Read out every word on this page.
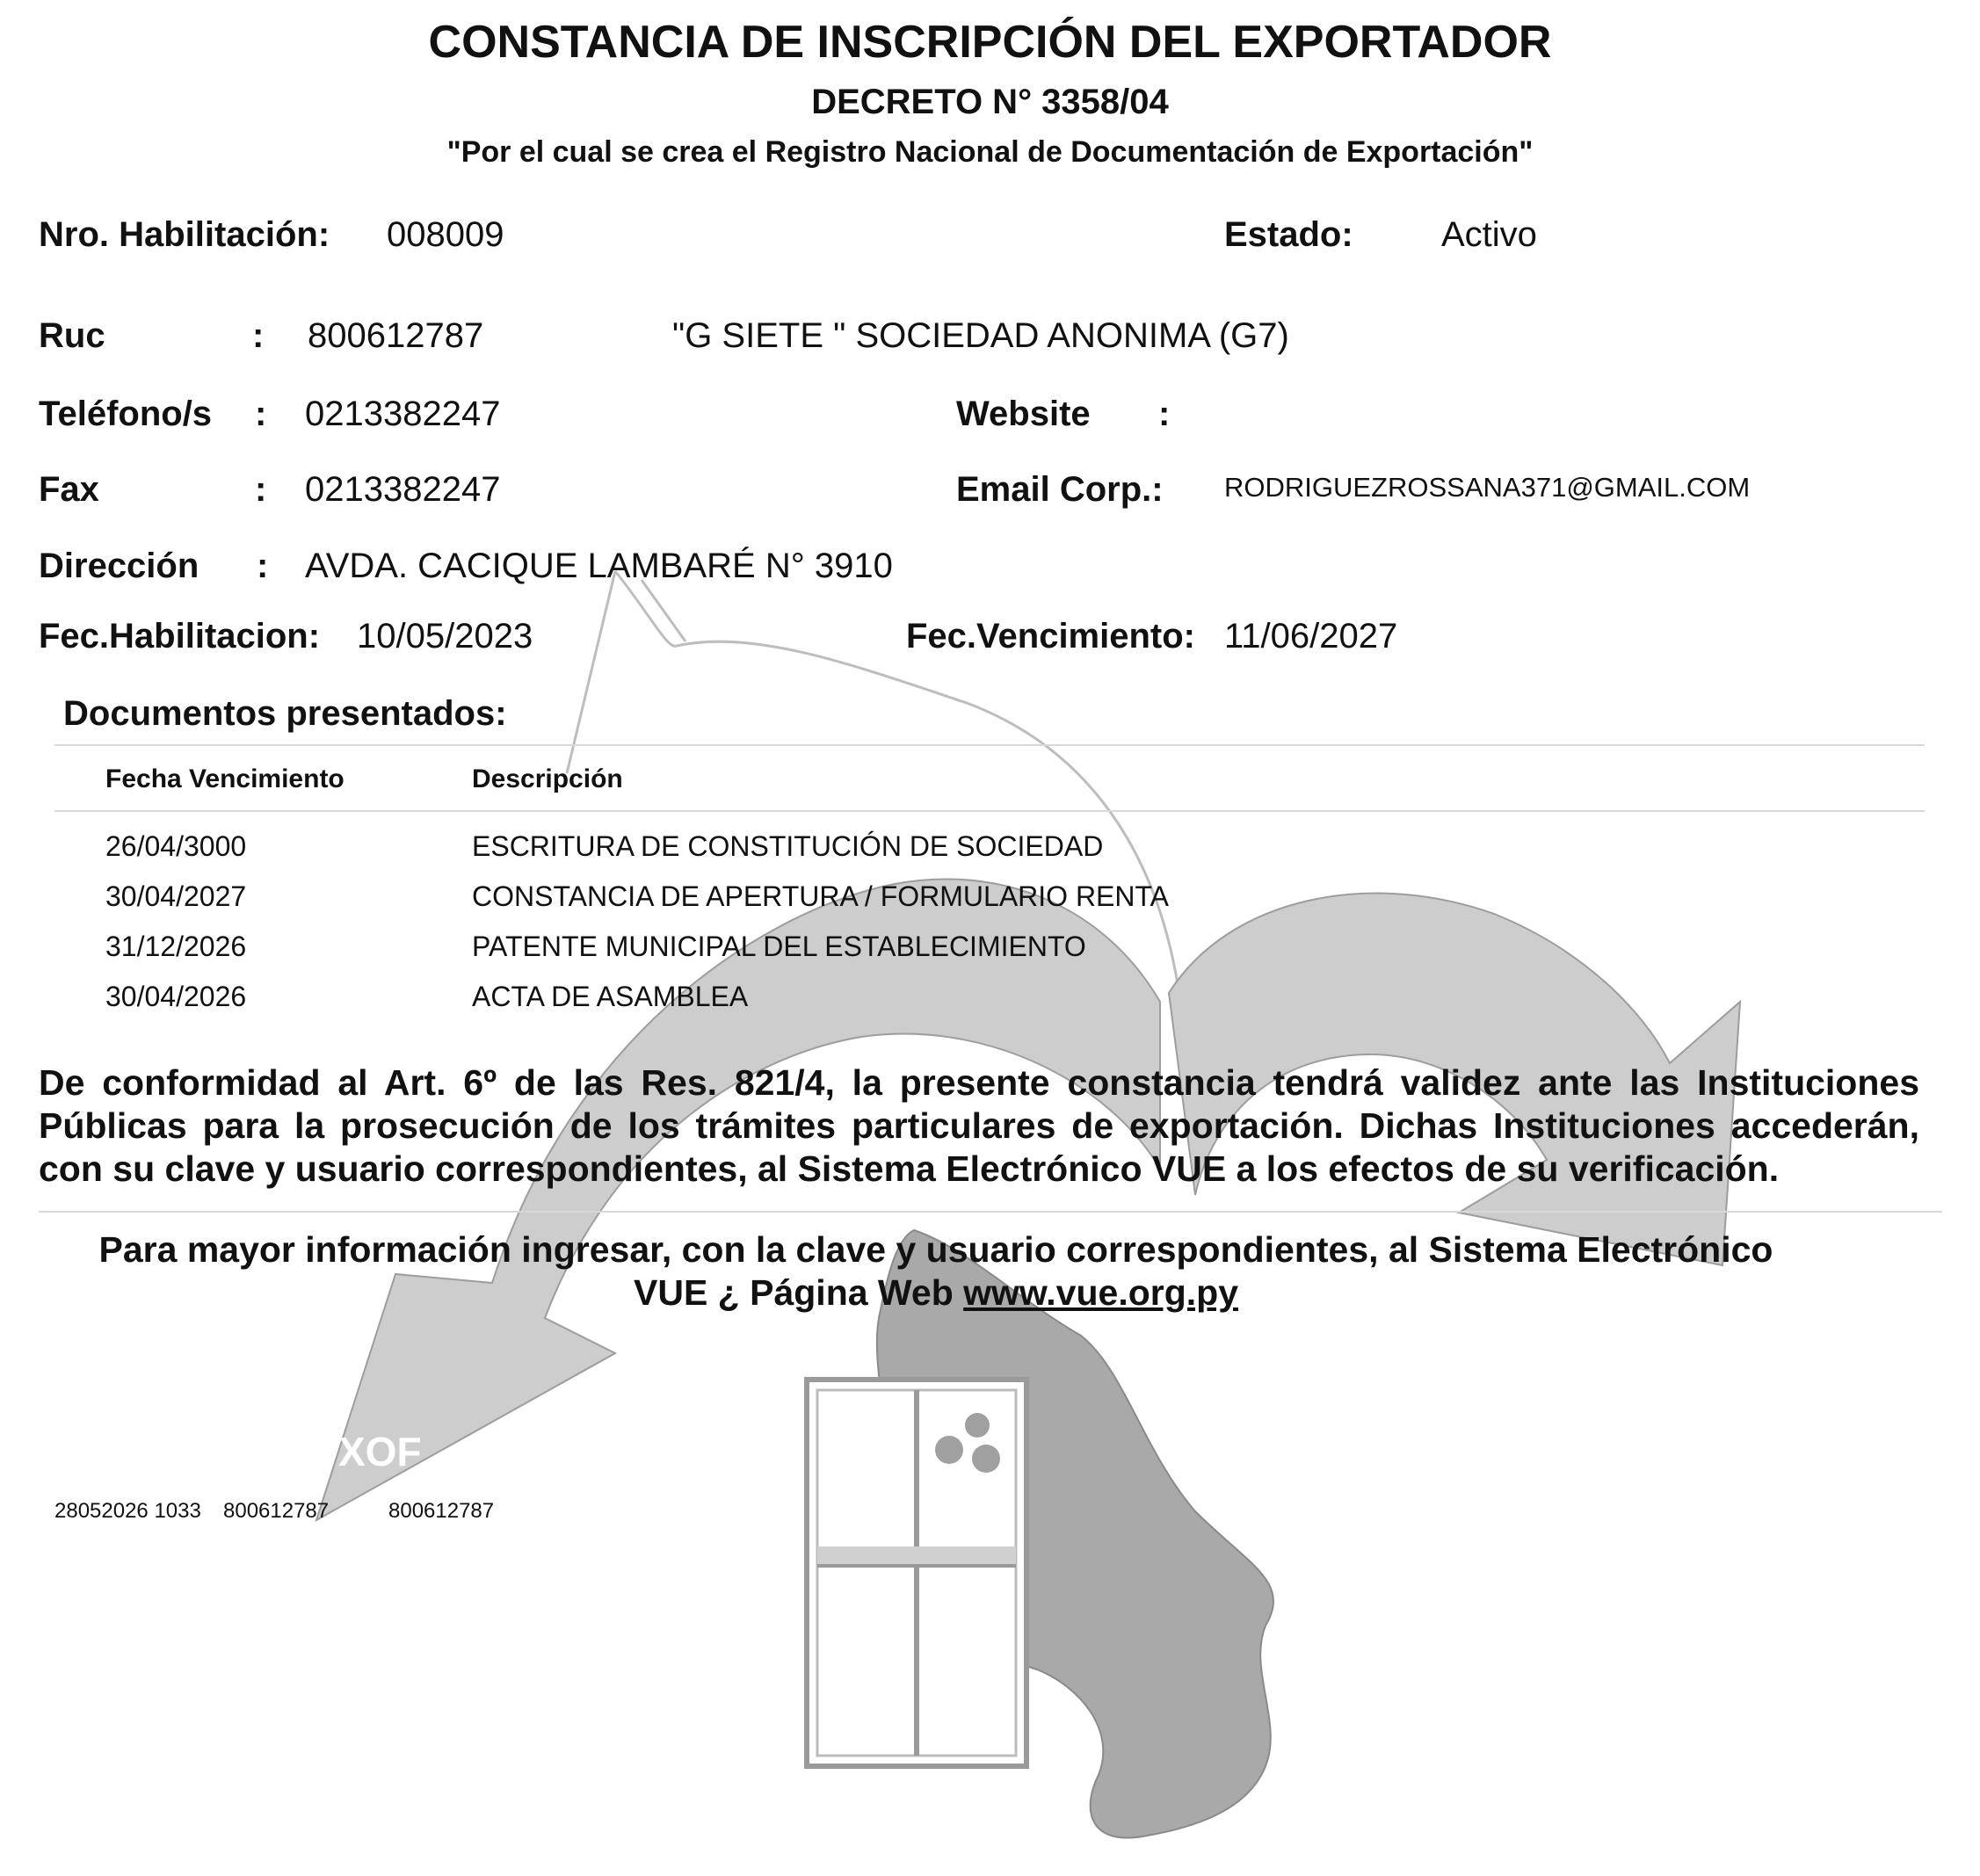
XOF
CONSTANCIA DE INSCRIPCIÓN DEL EXPORTADOR
DECRETO N° 3358/04
"Por el cual se crea el Registro Nacional de Documentación de Exportación"
Nro. Habilitación: 008009	Estado:	Activo
Ruc	: 800612787	"G SIETE " SOCIEDAD ANONIMA (G7)
Teléfono/s : 0213382247	Website :
Fax	: 0213382247	Email Corp.: RODRIGUEZROSSANA371@GMAIL.COM
Dirección : AVDA. CACIQUE LAMBARÉ N° 3910
Fec.Habilitacion: 10/05/2023	Fec.Vencimiento: 11/06/2027
Documentos presentados:
Fecha Vencimiento	Descripción
26/04/3000	ESCRITURA DE CONSTITUCIÓN DE SOCIEDAD
30/04/2027	CONSTANCIA DE APERTURA / FORMULARIO RENTA
31/12/2026	PATENTE MUNICIPAL DEL ESTABLECIMIENTO
30/04/2026	ACTA DE ASAMBLEA
De conformidad al Art. 6º de las Res. 821/4, la presente constancia tendrá validez ante las Instituciones
Públicas para la prosecución de los trámites particulares de exportación. Dichas Instituciones accederán,
con su clave y usuario correspondientes, al Sistema Electrónico VUE a los efectos de su verificación.
Para mayor información ingresar, con la clave y usuario correspondientes, al Sistema Electrónico
VUE ¿ Página Web www.vue.org.py
28052026 1033 800612787	800612787
